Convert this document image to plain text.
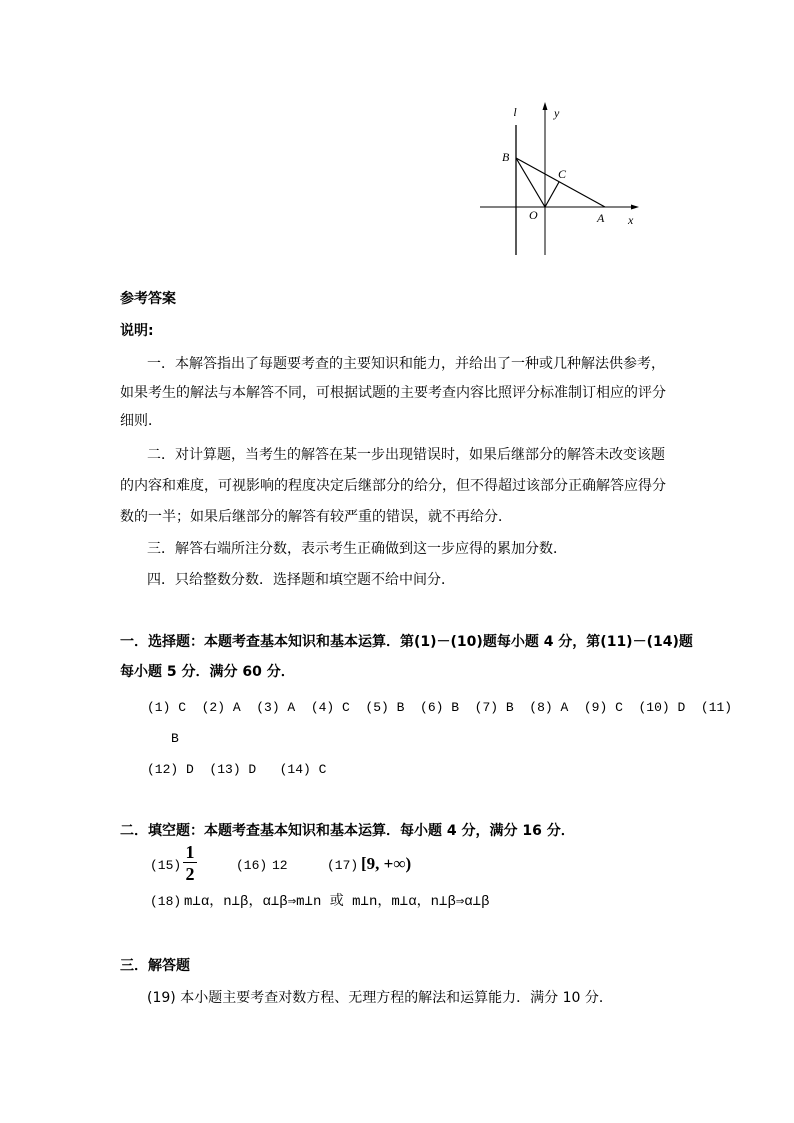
l	y
B
C
O	A x
参考答案
说明:
一．本解答指出了每题要考查的主要知识和能力，并给出了一种或几种解法供参考，
如果考生的解法与本解答不同，可根据试题的主要考查内容比照评分标准制订相应的评分
细则．
二．对计算题，当考生的解答在某一步出现错误时，如果后继部分的解答未改变该题
的内容和难度，可视影响的程度决定后继部分的给分，但不得超过该部分正确解答应得分
数的一半；如果后继部分的解答有较严重的错误，就不再给分．
三．解答右端所注分数，表示考生正确做到这一步应得的累加分数．
四．只给整数分数．选择题和填空题不给中间分．
一．选择题：本题考查基本知识和基本运算．第(1)－(10)题每小题 4 分，第(11)－(14)题
每小题 5 分．满分 60 分．
(1) C  (2) A  (3) A  (4) C  (5) B  (6) B  (7) B  (8) A  (9) C  (10) D  (11)
B
(12) D  (13) D   (14) C
二．填空题：本题考查基本知识和基本运算．每小题 4 分，满分 16 分．
$(15) \frac{1}{2}$	(16) 12	(17) [9, +∞)
(18) m⊥α，n⊥β，α⊥β⇒m⊥n 或 m⊥n，m⊥α，n⊥β⇒α⊥β
三．解答题
(19) 本小题主要考查对数方程、无理方程的解法和运算能力．满分 10 分．
